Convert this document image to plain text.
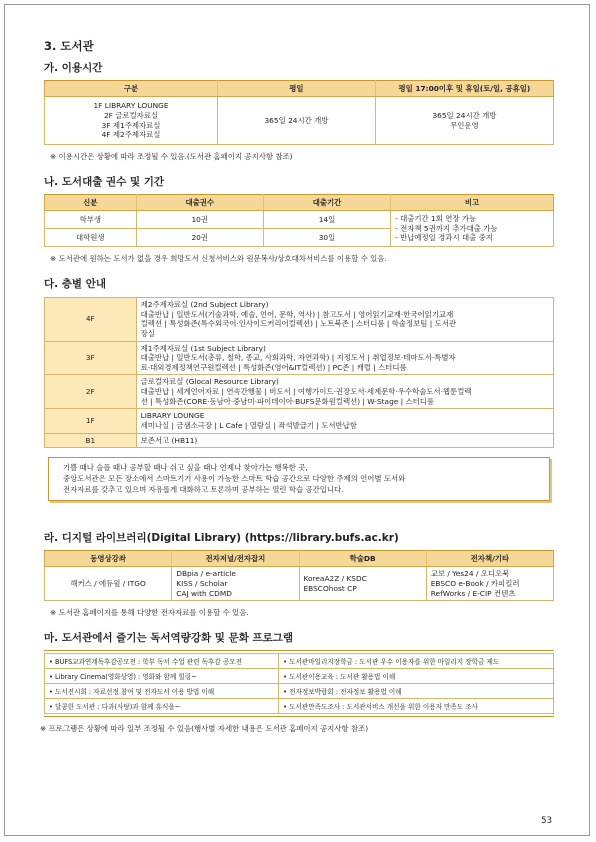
3. 도서관

가. 이용시간

구분	평일	평일 17:00이후 및 휴일(토/일, 공휴일)

1F LIBRARY LOUNGE
2F 글로컬자료실
3F 제1주제자료실
4F 제2주제자료실	365일 24시간 개방	365일 24시간 개방
무인운영

※ 이용시간은 상황에 따라 조정될 수 있음.(도서관 홈페이지 공지사항 참조)

나. 도서대출 권수 및 기간

신분	대출권수	대출기간	비고
학부생	10권	14일	- 대출기간 1회 연장 가능
- 전자책 5권까지 추가대출 가능
- 반납예정일 경과시 대출 중지

대학원생	20권	30일	

※ 도서관에 원하는 도서가 없을 경우 희망도서 신청서비스와 원문복사/상호대차서비스를 이용할 수 있음.

다. 층별 안내

4F	제2주제자료실 (2nd Subject Library)
대출반납 | 일반도서(기술과학, 예술, 언어, 문학, 역사) | 참고도서 | 영어읽기교재·한국어읽기교재
컬렉션 | 특성화존(특수외국어·인사이드커리어컬렉션) | 노트북존 | 스터디룸 | 학술정보팀 | 도서관
장실

3F	제1주제자료실 (1st Subject Library)
대출반납 | 일반도서(총류, 철학, 종교, 사회과학, 자연과학) | 지정도서 | 취업정보·테마도서·특별자
료·대외경제정책연구원컬렉션 | 특성화존(영어&IT컬렉션) | PC존 | 캐럴 | 스터디룸

2F	글로컬자료실 (Glocal Resource Library)
대출반납 | 세계언어자료 | 연속간행물 | 비도서 | 여행가이드·권장도서·세계문학·우수학술도서·웹툰컬렉
션 | 특성화존(CORE·동남아·중남미·파이데이아·BUFS문화원컬렉션) | W-Stage | 스터디룸

1F	LIBRARY LOUNGE
세미나실 | 금샘소극장 | L Cafe | 열람실 | 좌석발급기 | 도서반납함

B1	보존서고 (HB11)
기쁠 때나 슬플 때나 공부할 때나 쉬고 싶을 때나 언제나 찾아가는 행복한 곳,
중앙도서관은 모든 장소에서 스마트기기 사용이 가능한 스마트 학습 공간으로 다양한 주제의 언어별 도서와
전자자료를 갖추고 있으며 자유롭게 대화하고 토론하며 공부하는 열린 학습 공간입니다.

라. 디지털 라이브러리(Digital Library) (https://library.bufs.ac.kr)

동영상강좌	전자저널/전자잡지	학술DB	전자책/기타
해커스 / 에듀윌 / ITGO	DBpia / e-article
KISS / Scholar
CAJ with CDMD	KoreaA2Z / KSDC
EBSCOhost CP	교보 / Yes24 / 오디오북
EBSCO e-Book / 카피킬러
RefWorks / E-CIP 컨텐츠

※ 도서관 홈페이지를 통해 다양한 전자자료를 이용할 수 있음.

마. 도서관에서 즐기는 독서역량강화 및 문화 프로그램

• BUFS교과연계독후감공모전 : 학부 독서 수업 관련 독후감 공모전	• 도서관마일리지장학금 : 도서관 우수 이용자를 위한 마일리지 장학금 제도
• Library Cinema(영화상영) : 영화와 함께 힐링~	• 도서관이용교육 : 도서관 활용법 이해
• 도서전시회 : 자료선정 참여 및 전자도서 이용 방법 이해	• 전자정보박람회 : 전자정보 활용법 이해
• 달콤한 도서관 : 다과(사탕)과 함께 휴식을~	• 도서관만족도조사 : 도서관서비스 개선을 위한 이용자 만족도 조사

※ 프로그램은 상황에 따라 일부 조정될 수 있음(행사별 자세한 내용은 도서관 홈페이지 공지사항 참조)

53
